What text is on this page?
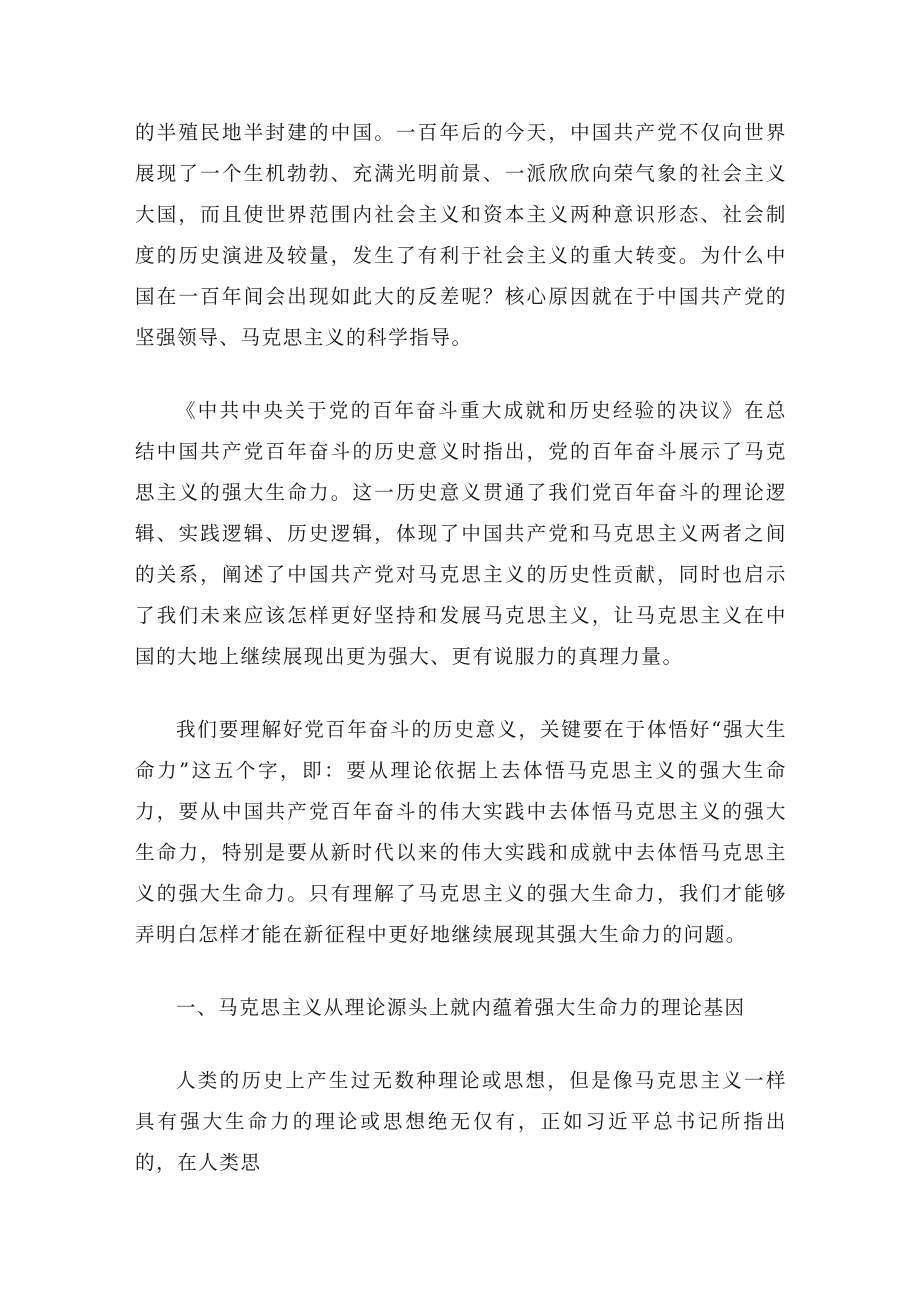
的半殖民地半封建的中国。一百年后的今天，中国共产党不仅向世界展现了一个生机勃勃、充满光明前景、一派欣欣向荣气象的社会主义大国，而且使世界范围内社会主义和资本主义两种意识形态、社会制度的历史演进及较量，发生了有利于社会主义的重大转变。为什么中国在一百年间会出现如此大的反差呢？核心原因就在于中国共产党的坚强领导、马克思主义的科学指导。

《中共中央关于党的百年奋斗重大成就和历史经验的决议》在总结中国共产党百年奋斗的历史意义时指出，党的百年奋斗展示了马克思主义的强大生命力。这一历史意义贯通了我们党百年奋斗的理论逻辑、实践逻辑、历史逻辑，体现了中国共产党和马克思主义两者之间的关系，阐述了中国共产党对马克思主义的历史性贡献，同时也启示了我们未来应该怎样更好坚持和发展马克思主义，让马克思主义在中国的大地上继续展现出更为强大、更有说服力的真理力量。

我们要理解好党百年奋斗的历史意义，关键要在于体悟好“强大生命力”这五个字，即：要从理论依据上去体悟马克思主义的强大生命力，要从中国共产党百年奋斗的伟大实践中去体悟马克思主义的强大生命力，特别是要从新时代以来的伟大实践和成就中去体悟马克思主义的强大生命力。只有理解了马克思主义的强大生命力，我们才能够弄明白怎样才能在新征程中更好地继续展现其强大生命力的问题。

一、马克思主义从理论源头上就内蕴着强大生命力的理论基因

人类的历史上产生过无数种理论或思想，但是像马克思主义一样具有强大生命力的理论或思想绝无仅有，正如习近平总书记所指出的，在人类思
